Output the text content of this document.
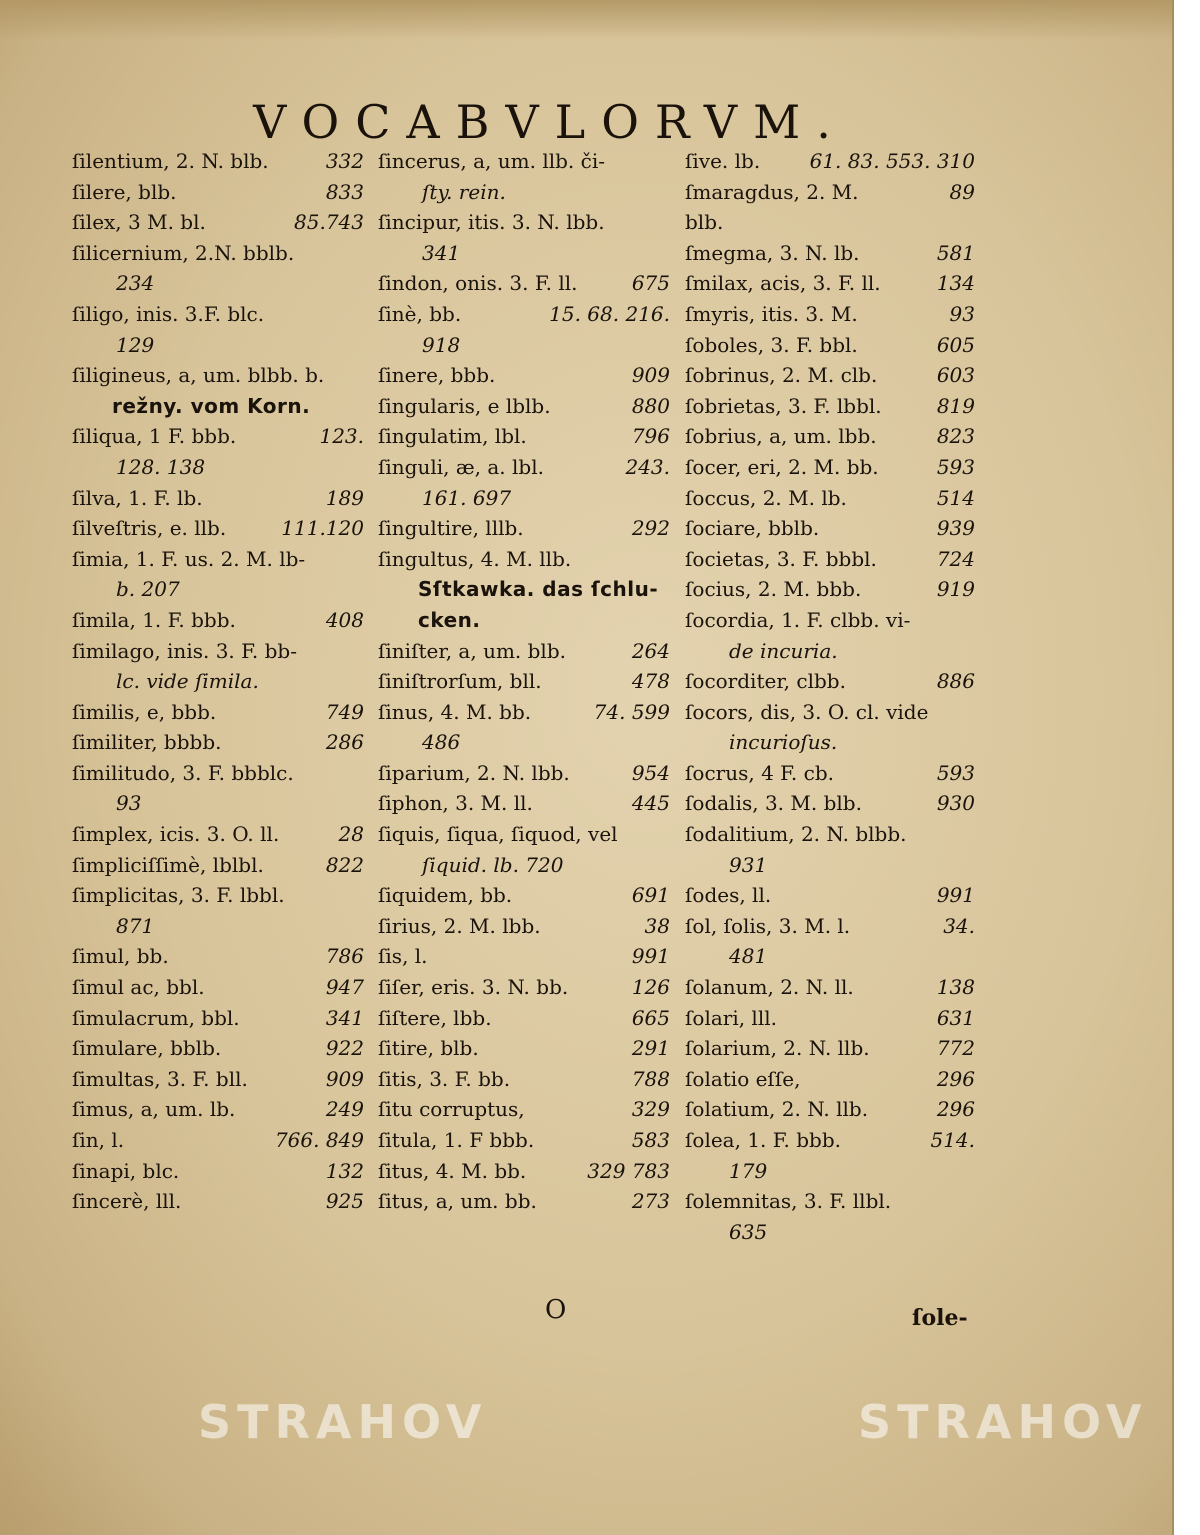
VOCABVLORVM.
ſilentium, 2. N. blb.	332
ſilere, blb.	833
ſilex, 3 M. bl.	85.743
ſilicernium, 2.N. bblb.
234
ſiligo, inis. 3.F. blc.
129
ſiligineus, a, um. blbb. b.
režny. vom Korn.
ſiliqua, 1 F. bbb.	123.
128. 138
ſilva, 1. F. lb.	189
ſilveſtris, e. llb.	111.120
ſimia, 1. F. us. 2. M. lb-
b. 207
ſimila, 1. F. bbb.	408
ſimilago, inis. 3. F. bb-
lc. vide ſimila.
ſimilis, e, bbb.	749
ſimiliter, bbbb.	286
ſimilitudo, 3. F. bbblc.
93
ſimplex, icis. 3. O. ll.	28
ſimpliciſſimè, lblbl.	822
ſimplicitas, 3. F. lbbl.
871
ſimul, bb.	786
ſimul ac, bbl.	947
ſimulacrum, bbl.	341
ſimulare, bblb.	922
ſimultas, 3. F. bll.	909
ſimus, a, um. lb.	249
ſin, l.	766. 849
ſinapi, blc.	132
ſincerè, lll.	925
ſincerus, a, um. llb. či-
ſty. rein.
ſincipur, itis. 3. N. lbb.
341
ſindon, onis. 3. F. ll.	675
ſinè, bb.	15. 68. 216.
918
ſinere, bbb.	909
ſingularis, e lblb.	880
ſingulatim, lbl.	796
ſinguli, æ, a. lbl.	243.
161. 697
ſingultire, lllb.	292
ſingultus, 4. M. llb.
Sſtkawka. das ſchlu-cken.
ſiniſter, a, um. blb.	264
ſiniſtrorſum, bll.	478
ſinus, 4. M. bb.	74. 599
486
ſiparium, 2. N. lbb.	954
ſiphon, 3. M. ll.	445
ſiquis, ſiqua, ſiquod, vel
ſiquid. lb. 720
ſiquidem, bb.	691
ſirius, 2. M. lbb.	38
ſis, l.	991
ſiſer, eris. 3. N. bb.	126
ſiſtere, lbb.	665
ſitire, blb.	291
ſitis, 3. F. bb.	788
ſitu corruptus,	329
ſitula, 1. F bbb.	583
ſitus, 4. M. bb.	329 783
ſitus, a, um. bb.	273
ſive. lb.	61. 83. 553. 310
ſmaragdus, 2. M. blb.
89
ſmegma, 3. N. lb.	581
ſmilax, acis, 3. F. ll.	134
ſmyris, itis. 3. M.	93
ſoboles, 3. F. bbl.	605
ſobrinus, 2. M. clb.	603
ſobrietas, 3. F. lbbl.	819
ſobrius, a, um. lbb.	823
ſocer, eri, 2. M. bb.	593
ſoccus, 2. M. lb.	514
ſociare, bblb.	939
ſocietas, 3. F. bbbl.	724
ſocius, 2. M. bbb.	919
ſocordia, 1. F. clbb. vi-
de incuria.
ſocorditer, clbb.	886
ſocors, dis, 3. O. cl. vide
incurioſus.
ſocrus, 4 F. cb.	593
ſodalis, 3. M. blb.	930
ſodalitium, 2. N. blbb.
931
ſodes, ll.	991
ſol, ſolis, 3. M. l.	34.
481
ſolanum, 2. N. ll.	138
ſolari, lll.	631
ſolarium, 2. N. llb.	772
ſolatio eſſe,	296
ſolatium, 2. N. llb.	296
ſolea, 1. F. bbb.	514.
179
ſolemnitas, 3. F. llbl.
635
O	ſole-
STRAHOV	STRAHOV
